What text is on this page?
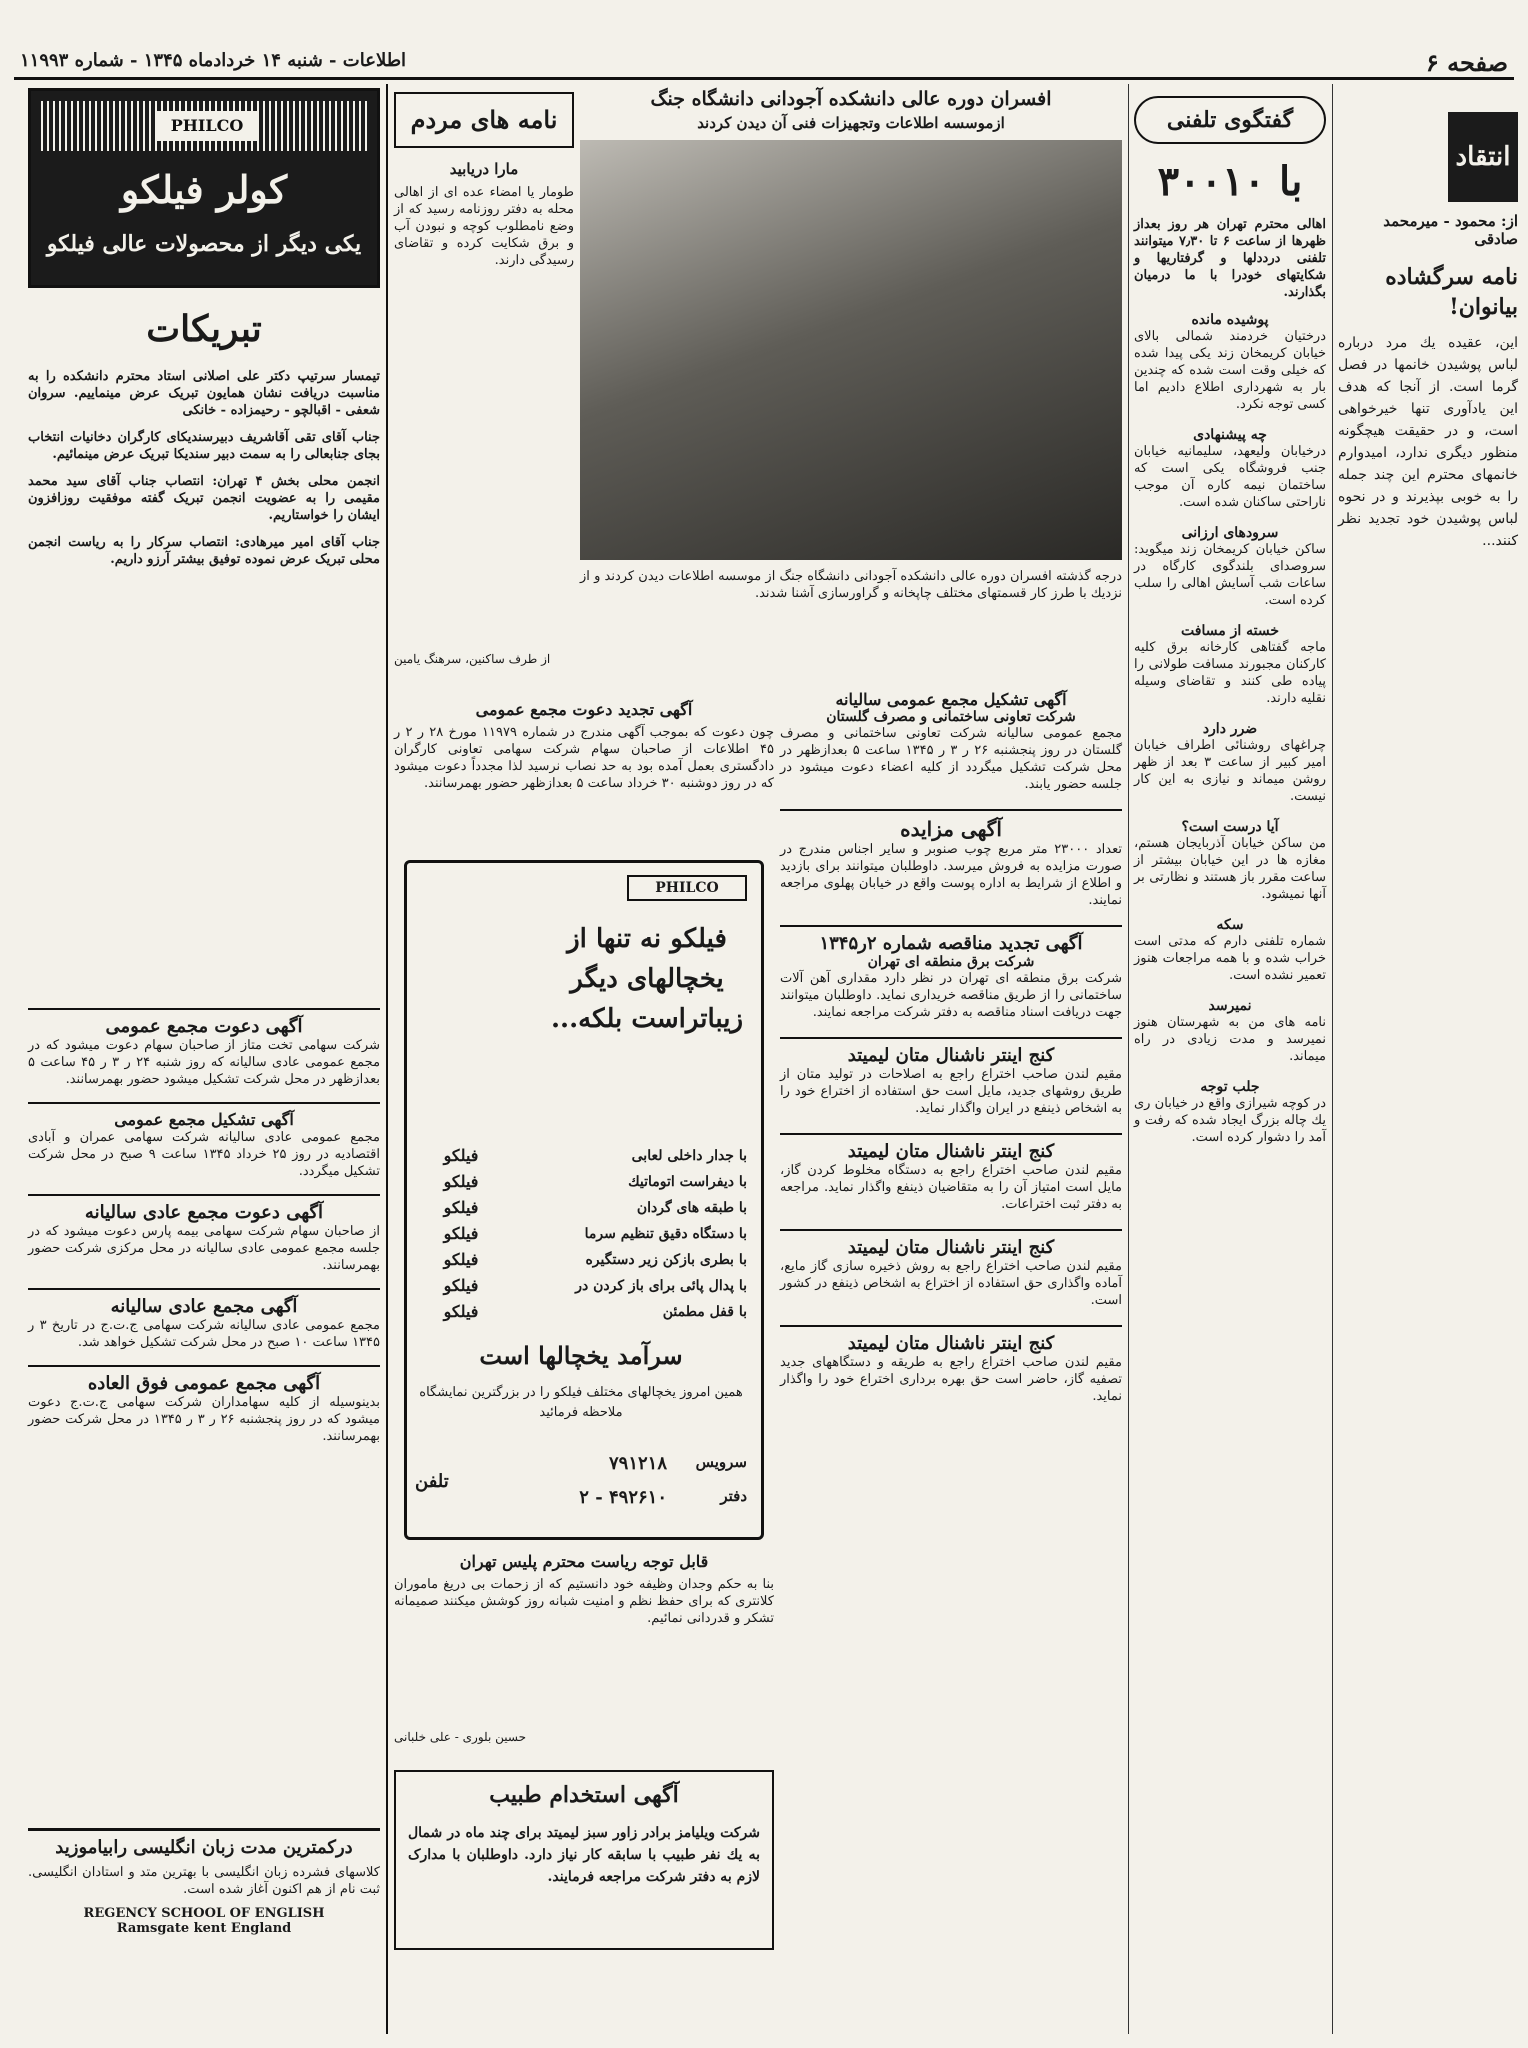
صفحه ۶
اطلاعات - شنبه ۱۴ خردادماه ۱۳۴۵ - شماره ۱۱۹۹۳
انتقاد
از: محمود - میرمحمد صادقی
نامه سرگشاده بیانوان!
این، عقیده یك مرد درباره لباس پوشیدن خانمها در فصل گرما است. از آنجا که هدف این یادآوری تنها خیرخواهی است، و در حقیقت هیچگونه منظور دیگری ندارد، امیدوارم خانمهای محترم این چند جمله را به خوبی بپذیرند و در نحوه لباس پوشیدن خود تجدید نظر کنند...
گفتگوی تلفنی
با ۳۰۰۱۰
اهالی محترم تهران هر روز بعداز ظهرها از ساعت ۶ تا ۷٫۳۰ میتوانند تلفنی درددلها و گرفتاریها و شکایتهای خودرا با ما درمیان بگذارند.
پوشیده مانده
درختیان خردمند شمالی بالای خیابان کریمخان زند یکی پیدا شده که خیلی وقت است شده که چندین بار به شهرداری اطلاع دادیم اما کسی توجه نکرد.
چه پیشنهادی
درخیابان ولیعهد، سلیمانیه خیابان جنب فروشگاه یکی است که ساختمان نیمه کاره آن موجب ناراحتی ساکنان شده است.
سرودهای ارزانی
ساکن خیابان کریمخان زند میگوید: سروصدای بلندگوی کارگاه در ساعات شب آسایش اهالی را سلب کرده است.
خسته از مسافت
ماجه گفتاهی کارخانه برق کلیه کارکنان مجبورند مسافت طولانی را پیاده طی کنند و تقاضای وسیله نقلیه دارند.
ضرر دارد
چراغهای روشنائی اطراف خیابان امیر کبیر از ساعت ۳ بعد از ظهر روشن میماند و نیازی به این کار نیست.
آیا درست است؟
من ساکن خیابان آذربایجان هستم، مغازه ها در این خیابان بیشتر از ساعت مقرر باز هستند و نظارتی بر آنها نمیشود.
سکه
شماره تلفنی دارم که مدتی است خراب شده و با همه مراجعات هنوز تعمیر نشده است.
نمیرسد
نامه های من به شهرستان هنوز نمیرسد و مدت زیادی در راه میماند.
جلب توجه
در کوچه شیرازی واقع در خیابان ری یك چاله بزرگ ایجاد شده که رفت و آمد را دشوار کرده است.
افسران دوره عالی دانشکده آجودانی دانشگاه جنگ
ازموسسه اطلاعات وتجهیزات فنی آن دیدن کردند
درجه گذشته افسران دوره عالی دانشکده آجودانی دانشگاه جنگ از موسسه اطلاعات دیدن کردند و از نزدیك با طرز کار قسمتهای مختلف چاپخانه و گراورسازی آشنا شدند.
آگهی تشکیل مجمع عمومی سالیانه
شرکت تعاونی ساختمانی و مصرف گلستان
مجمع عمومی سالیانه شرکت تعاونی ساختمانی و مصرف گلستان در روز پنجشنبه ۲۶ ر ۳ ر ۱۳۴۵ ساعت ۵ بعدازظهر در محل شرکت تشکیل میگردد از کلیه اعضاء دعوت میشود در جلسه حضور یابند.
آگهی مزایده
تعداد ۲۳۰۰۰ متر مربع چوب صنوبر و سایر اجناس مندرج در صورت مزایده به فروش میرسد. داوطلبان میتوانند برای بازدید و اطلاع از شرایط به اداره پوست واقع در خیابان پهلوی مراجعه نمایند.
آگهی تجدید مناقصه شماره ۲ر۱۳۴۵
شرکت برق منطقه ای تهران
شرکت برق منطقه ای تهران در نظر دارد مقداری آهن آلات ساختمانی را از طریق مناقصه خریداری نماید. داوطلبان میتوانند جهت دریافت اسناد مناقصه به دفتر شرکت مراجعه نمایند.
کنج اینتر ناشنال متان لیمیتد
مقیم لندن صاحب اختراع راجع به اصلاحات در تولید متان از طریق روشهای جدید، مایل است حق استفاده از اختراع خود را به اشخاص ذینفع در ایران واگذار نماید.
کنج اینتر ناشنال متان لیمیتد
مقیم لندن صاحب اختراع راجع به دستگاه مخلوط کردن گاز، مایل است امتیاز آن را به متقاضیان ذینفع واگذار نماید. مراجعه به دفتر ثبت اختراعات.
کنج اینتر ناشنال متان لیمیتد
مقیم لندن صاحب اختراع راجع به روش ذخیره سازی گاز مایع، آماده واگذاری حق استفاده از اختراع به اشخاص ذینفع در کشور است.
کنج اینتر ناشنال متان لیمیتد
مقیم لندن صاحب اختراع راجع به طریقه و دستگاههای جدید تصفیه گاز، حاضر است حق بهره برداری اختراع خود را واگذار نماید.
نامه های مردم
مارا دریابید
طومار یا امضاء عده ای از اهالی محله به دفتر روزنامه رسید که از وضع نامطلوب کوچه و نبودن آب و برق شکایت کرده و تقاضای رسیدگی دارند.
از طرف ساکنین، سرهنگ یامین
آگهی تجدید دعوت مجمع عمومی
چون دعوت که بموجب آگهی مندرج در شماره ۱۱۹۷۹ مورخ ۲۸ ر ۲ ر ۴۵ اطلاعات از صاحبان سهام شرکت سهامی تعاونی کارگران دادگستری بعمل آمده بود به حد نصاب نرسید لذا مجدداً دعوت میشود که در روز دوشنبه ۳۰ خرداد ساعت ۵ بعدازظهر حضور بهمرسانند.
PHILCO
فیلکو نه تنها از یخچالهای دیگر زیباتراست بلکه...
با جدار داخلی لعابی
با دیفراست اتوماتیك
با طبقه های گردان
با دستگاه دقیق تنظیم سرما
با بطری بازکن زیر دستگیره
با پدال پائی برای باز کردن در
با قفل مطمئن
فیلکو
فیلکو
فیلکو
فیلکو
فیلکو
فیلکو
فیلکو
سرآمد یخچالها است
همین امروز یخچالهای مختلف فیلکو را در بزرگترین نمایشگاه ملاحظه فرمائید
تلفن
سرویس
۷۹۱۲۱۸
دفتر
۴۹۲۶۱۰ - ۲
قابل توجه ریاست محترم پلیس تهران
بنا به حکم وجدان وظیفه خود دانستیم که از زحمات بی دریغ ماموران کلانتری که برای حفظ نظم و امنیت شبانه روز کوشش میکنند صمیمانه تشکر و قدردانی نمائیم.
حسین بلوری - علی خلبانی
آگهی استخدام طبیب
شرکت ویلیامز برادر زاور سبز لیمیتد برای چند ماه در شمال به یك نفر طبیب با سابقه کار نیاز دارد. داوطلبان با مدارک لازم به دفتر شرکت مراجعه فرمایند.
PHILCO
کولر فیلکو
یکی دیگر از محصولات عالی فیلکو
تبریکات
تیمسار سرتیپ دکتر علی اصلانی استاد محترم دانشکده را به مناسبت دریافت نشان همایون تبریک عرض مینماییم. سروان شعفی - اقبالچو - رحیمزاده - خانکی
جناب آقای تقی آقاشریف دبیرسندیکای کارگران دخانیات انتخاب بجای جنابعالی را به سمت دبیر سندیکا تبریک عرض مینمائیم.
انجمن محلی بخش ۴ تهران: انتصاب جناب آقای سید محمد مقیمی را به عضویت انجمن تبریک گفته موفقیت روزافزون ایشان را خواستاریم.
جناب آقای امیر میرهادی: انتصاب سرکار را به ریاست انجمن محلی تبریک عرض نموده توفیق بیشتر آرزو داریم.
آگهی دعوت مجمع عمومی
شرکت سهامی تخت متاز از صاحبان سهام دعوت میشود که در مجمع عمومی عادی سالیانه که روز شنبه ۲۴ ر ۳ ر ۴۵ ساعت ۵ بعدازظهر در محل شرکت تشکیل میشود حضور بهمرسانند.
آگهی تشکیل مجمع عمومی
مجمع عمومی عادی سالیانه شرکت سهامی عمران و آبادی اقتصادیه در روز ۲۵ خرداد ۱۳۴۵ ساعت ۹ صبح در محل شرکت تشکیل میگردد.
آگهی دعوت مجمع عادی سالیانه
از صاحبان سهام شرکت سهامی بیمه پارس دعوت میشود که در جلسه مجمع عمومی عادی سالیانه در محل مرکزی شرکت حضور بهمرسانند.
آگهی مجمع عادی سالیانه
مجمع عمومی عادی سالیانه شرکت سهامی ج.ت.ج در تاریخ ۳ ر ۱۳۴۵ ساعت ۱۰ صبح در محل شرکت تشکیل خواهد شد.
آگهی مجمع عمومی فوق العاده
بدینوسیله از کلیه سهامداران شرکت سهامی ج.ت.ج دعوت میشود که در روز پنجشنبه ۲۶ ر ۳ ر ۱۳۴۵ در محل شرکت حضور بهمرسانند.
درکمترین مدت زبان انگلیسی رابیاموزید
کلاسهای فشرده زبان انگلیسی با بهترین متد و استادان انگلیسی. ثبت نام از هم اکنون آغاز شده است.
REGENCY SCHOOL OF ENGLISH
Ramsgate kent England
